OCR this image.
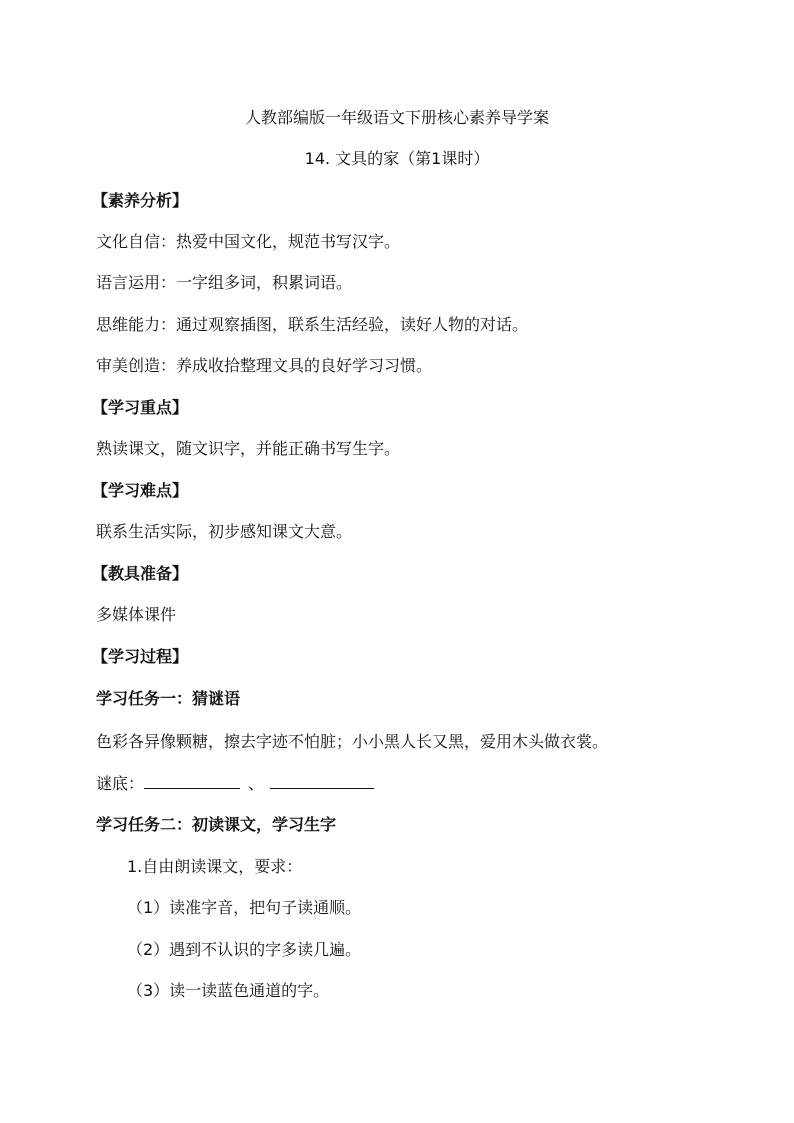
人教部编版一年级语文下册核心素养导学案
14. 文具的家（第1课时）
【素养分析】
文化自信：热爱中国文化，规范书写汉字。
语言运用：一字组多词，积累词语。
思维能力：通过观察插图，联系生活经验，读好人物的对话。
审美创造：养成收拾整理文具的良好学习习惯。
【学习重点】
熟读课文，随文识字，并能正确书写生字。
【学习难点】
联系生活实际，初步感知课文大意。
【教具准备】
多媒体课件
【学习过程】
学习任务一：猜谜语
色彩各异像颗糖，擦去字迹不怕脏；小小黑人长又黑，爱用木头做衣裳。
谜底：	、
学习任务二：初读课文，学习生字
1.自由朗读课文，要求：
（1）读准字音，把句子读通顺。
（2）遇到不认识的字多读几遍。
（3）读一读蓝色通道的字。
